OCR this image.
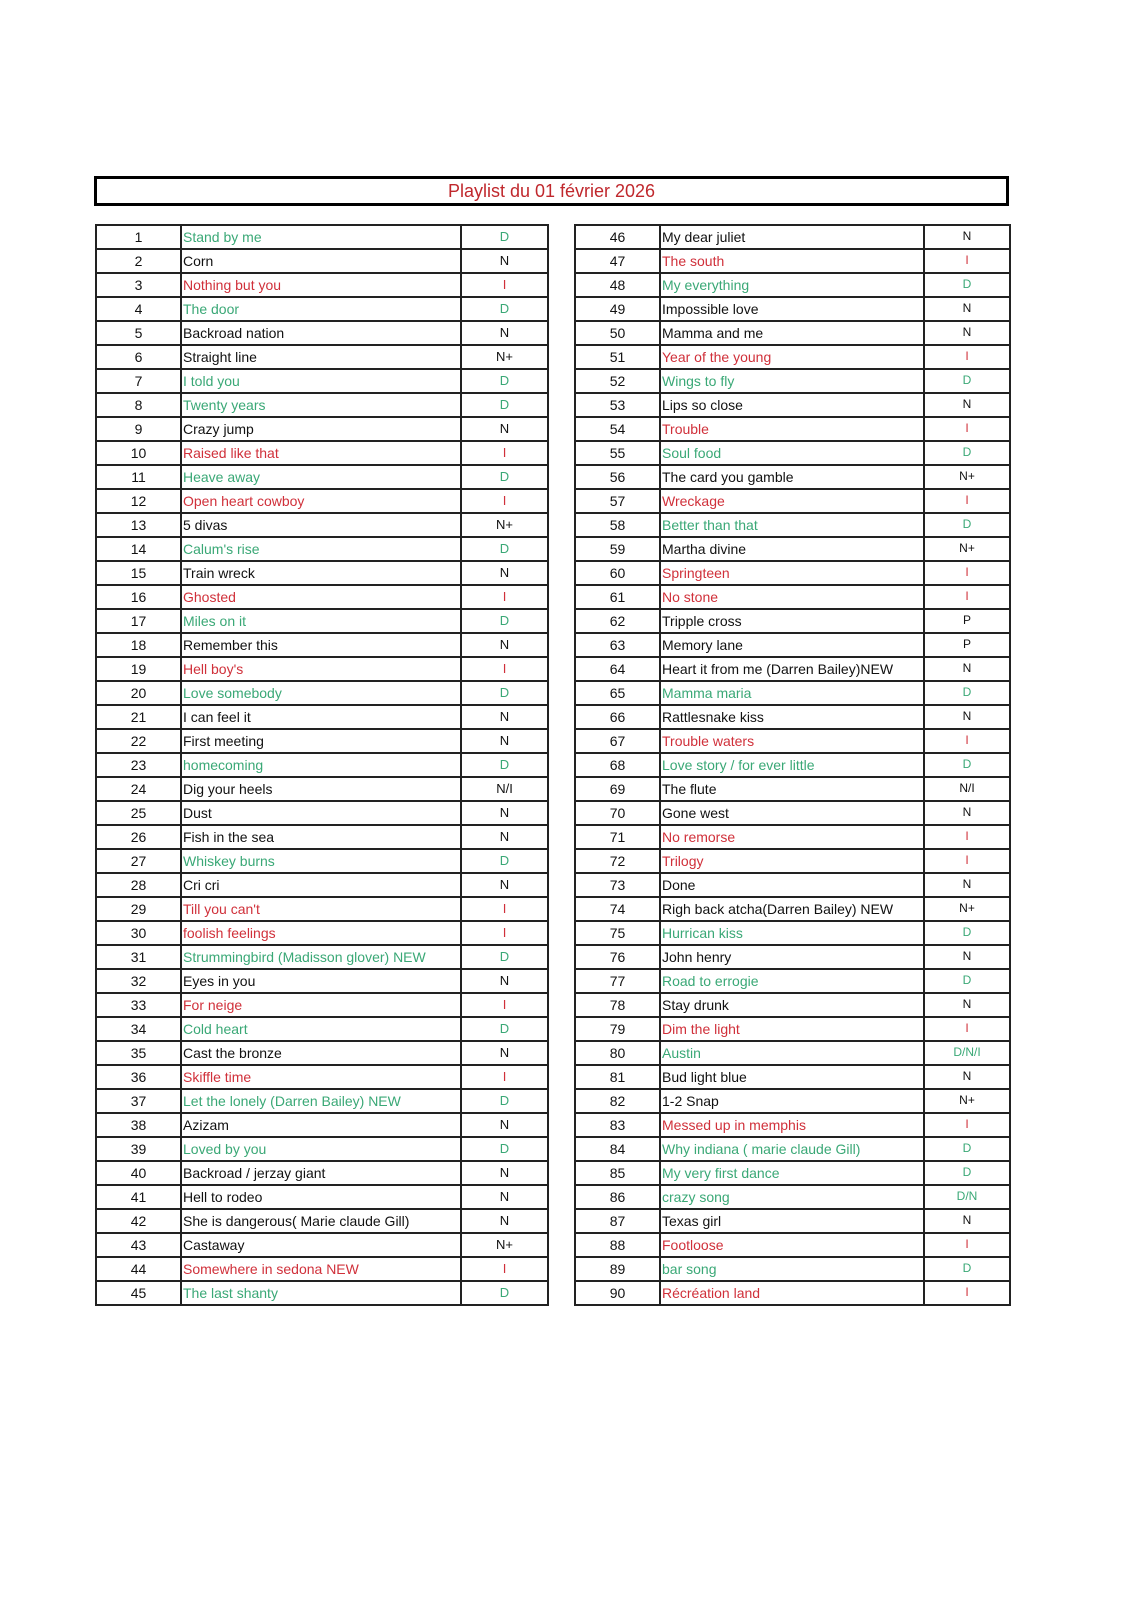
Playlist du 01 février 2026
1	Stand by me	D
2	Corn	N
3	Nothing but you	I
4	The door	D
5	Backroad nation	N
6	Straight line	N+
7	I told you	D
8	Twenty years	D
9	Crazy jump	N
10	Raised like that	I
11	Heave away	D
12	Open heart cowboy	I
13	5 divas	N+
14	Calum's rise	D
15	Train wreck	N
16	Ghosted	I
17	Miles on it	D
18	Remember this	N
19	Hell boy's	I
20	Love somebody	D
21	I can feel it	N
22	First meeting	N
23	homecoming	D
24	Dig your heels	N/I
25	Dust	N
26	Fish in the sea	N
27	Whiskey burns	D
28	Cri cri	N
29	Till you can't	I
30	foolish feelings	I
31	Strummingbird (Madisson glover) NEW	D
32	Eyes in you	N
33	For neige	I
34	Cold heart	D
35	Cast the bronze	N
36	Skiffle time	I
37	Let the lonely (Darren Bailey) NEW	D
38	Azizam	N
39	Loved by you	D
40	Backroad / jerzay giant	N
41	Hell to rodeo	N
42	She is dangerous( Marie claude Gill)	N
43	Castaway	N+
44	Somewhere in sedona NEW	I
45	The last shanty	D
46	My dear juliet	N
47	The south	I
48	My everything	D
49	Impossible love	N
50	Mamma and me	N
51	Year of the young	I
52	Wings to fly	D
53	Lips so close	N
54	Trouble	I
55	Soul food	D
56	The card you gamble	N+
57	Wreckage	I
58	Better than that	D
59	Martha divine	N+
60	Springteen	I
61	No stone	I
62	Tripple cross	P
63	Memory lane	P
64	Heart it from me (Darren Bailey)NEW	N
65	Mamma maria	D
66	Rattlesnake kiss	N
67	Trouble waters	I
68	Love story / for ever little	D
69	The flute	N/I
70	Gone west	N
71	No remorse	I
72	Trilogy	I
73	Done	N
74	Righ back atcha(Darren Bailey) NEW	N+
75	Hurrican kiss	D
76	John henry	N
77	Road to errogie	D
78	Stay drunk	N
79	Dim the light	I
80	Austin	D/N/I
81	Bud light blue	N
82	1-2 Snap	N+
83	Messed up in memphis	I
84	Why indiana ( marie claude Gill)	D
85	My very first dance	D
86	crazy song	D/N
87	Texas girl	N
88	Footloose	I
89	bar song	D
90	Récréation land	I
